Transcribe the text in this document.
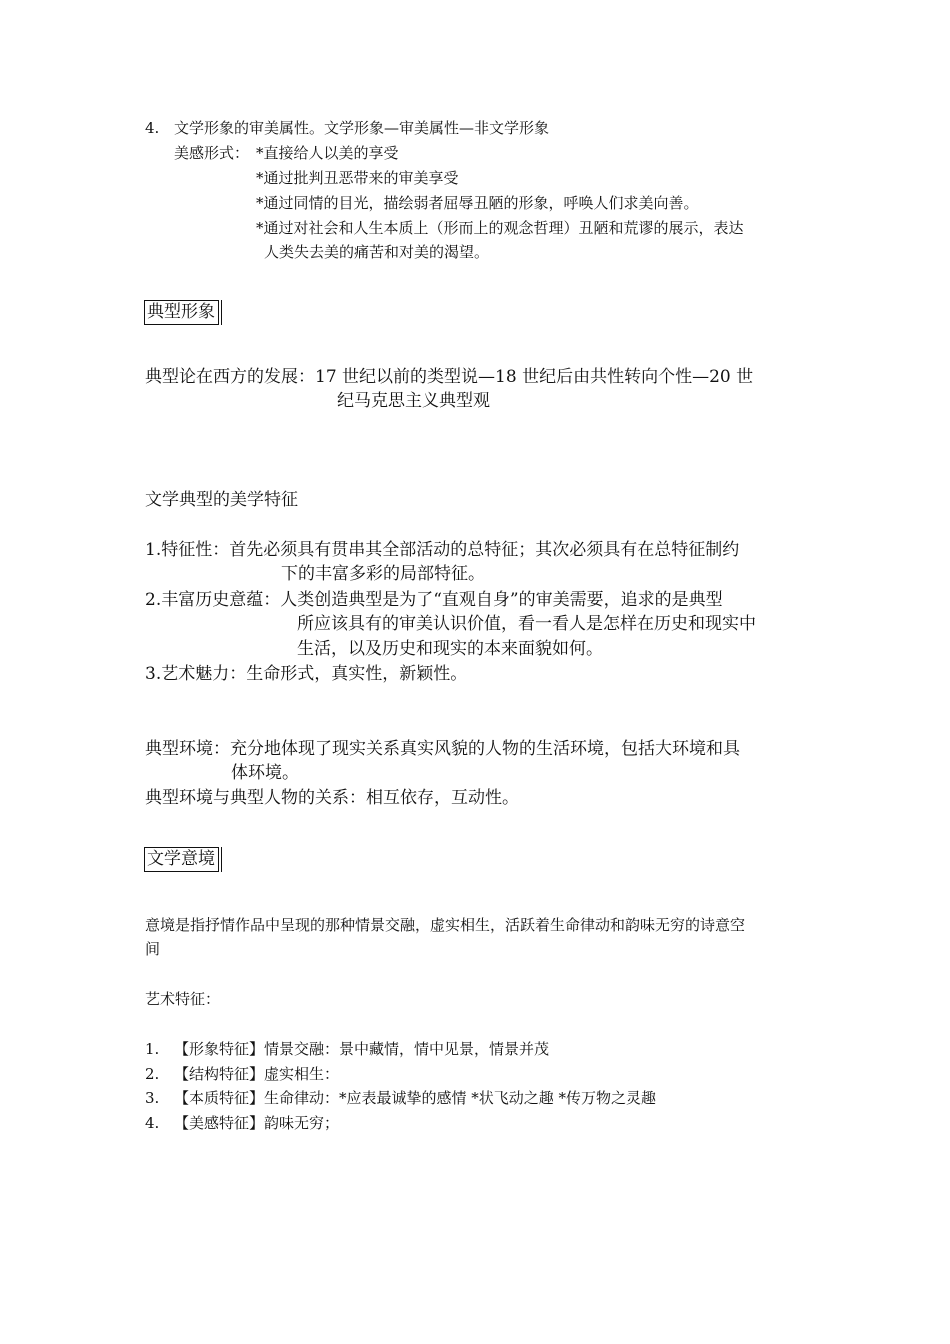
4. 文学形象的审美属性。文学形象—审美属性—非文学形象
美感形式： *直接给人以美的享受
*通过批判丑恶带来的审美享受
*通过同情的目光，描绘弱者屈辱丑陋的形象，呼唤人们求美向善。
*通过对社会和人生本质上（形而上的观念哲理）丑陋和荒谬的展示，表达
人类失去美的痛苦和对美的渴望。
典型形象
典型论在西方的发展：17 世纪以前的类型说—18 世纪后由共性转向个性—20 世
纪马克思主义典型观
文学典型的美学特征
1.特征性：首先必须具有贯串其全部活动的总特征；其次必须具有在总特征制约
下的丰富多彩的局部特征。
2.丰富历史意蕴：人类创造典型是为了“直观自身”的审美需要，追求的是典型
所应该具有的审美认识价值，看一看人是怎样在历史和现实中
生活，以及历史和现实的本来面貌如何。
3.艺术魅力：生命形式，真实性，新颖性。
典型环境：充分地体现了现实关系真实风貌的人物的生活环境，包括大环境和具
体环境。
典型环境与典型人物的关系：相互依存，互动性。
文学意境
意境是指抒情作品中呈现的那种情景交融，虚实相生，活跃着生命律动和韵味无穷的诗意空
间
艺术特征：
1. 【形象特征】情景交融：景中藏情，情中见景，情景并茂
2. 【结构特征】虚实相生：
3. 【本质特征】生命律动：*应表最诚挚的感情 *状飞动之趣 *传万物之灵趣
4. 【美感特征】韵味无穷；
